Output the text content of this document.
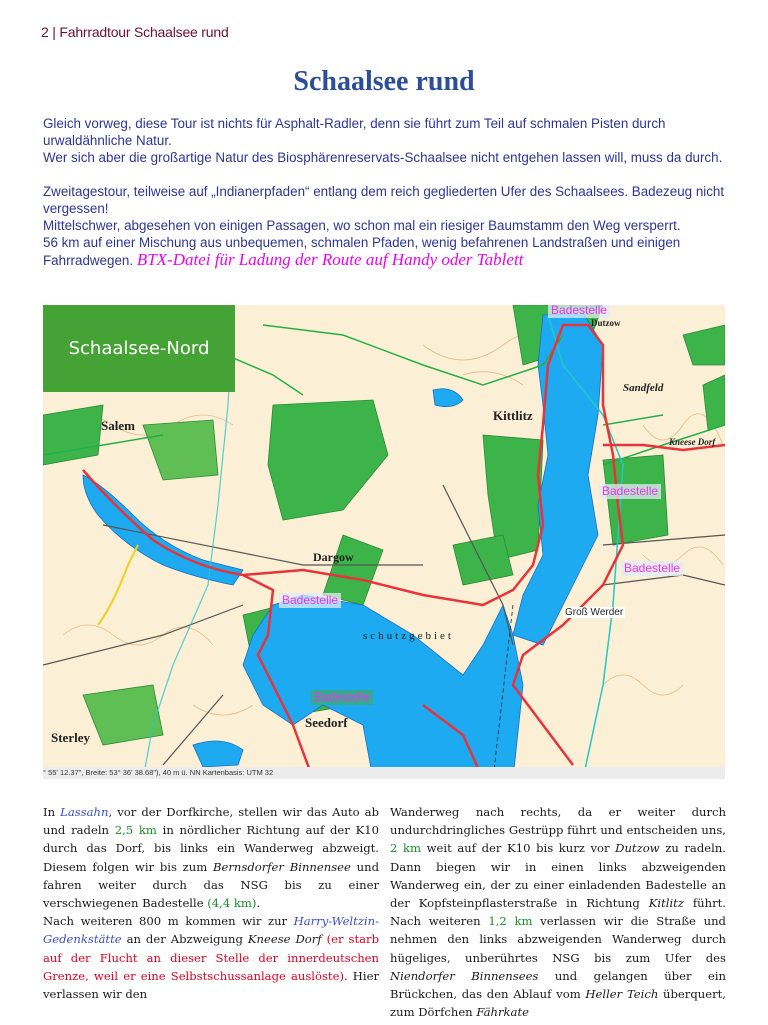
2 | Fahrradtour Schaalsee rund
Schaalsee rund

Gleich vorweg, diese Tour ist nichts für Asphalt-Radler, denn sie führt zum Teil auf schmalen Pisten durch urwaldähnliche Natur.

Wer sich aber die großartige Natur des Biosphärenreservats-Schaalsee nicht entgehen lassen will, muss da durch.

Zweitagestour, teilweise auf „Indianerpfaden“ entlang dem reich gegliederten Ufer des Schaalsees. Badezeug nicht vergessen!

Mittelschwer, abgesehen von einigen Passagen, wo schon mal ein riesiger Baumstamm den Weg versperrt.

56 km auf einer Mischung aus unbequemen, schmalen Pfaden, wenig befahrenen Landstraßen und einigen Fahrradwegen. BTX-Datei für Ladung der Route auf Handy oder Tablett

Schaalsee-Nord
Badestelle
Badestelle
Badestelle
Badestelle
Badestelle
Salem
Kittlitz
Dargow
Seedorf
Sterley
Groß Werder
schutzgebiet
Sandfeld
Dutzow
Kneese Dorf
° 55' 12.37", Breite: 53° 36' 38.68"), 40 m ü. NN Kartenbasis: UTM 32

In Lassahn, vor der Dorfkirche, stellen wir das Auto ab und radeln 2,5 km in nördlicher Richtung auf der K10 durch das Dorf, bis links ein Wanderweg abzweigt. Diesem folgen wir bis zum Bernsdorfer Binnensee und fahren weiter durch das NSG bis zu einer verschwiegenen Badestelle (4,4 km).

Nach weiteren 800 m kommen wir zur Harry-Weltzin-Gedenkstätte an der Abzweigung Kneese Dorf (er starb auf der Flucht an dieser Stelle der innerdeutschen Grenze, weil er eine Selbstschussanlage auslöste). Hier verlassen wir den

Wanderweg nach rechts, da er weiter durch undurchdringliches Gestrüpp führt und entscheiden uns, 2 km weit auf der K10 bis kurz vor Dutzow zu radeln. Dann biegen wir in einen links abzweigenden Wanderweg ein, der zu einer einladenden Badestelle an der Kopfsteinpflasterstraße in Richtung Kitlitz führt. Nach weiteren 1,2 km verlassen wir die Straße und nehmen den links abzweigenden Wanderweg durch hügeliges, unberührtes NSG bis zum Ufer des Niendorfer Binnensees und gelangen über ein Brückchen, das den Ablauf vom Heller Teich überquert, zum Dörfchen Fährkate
